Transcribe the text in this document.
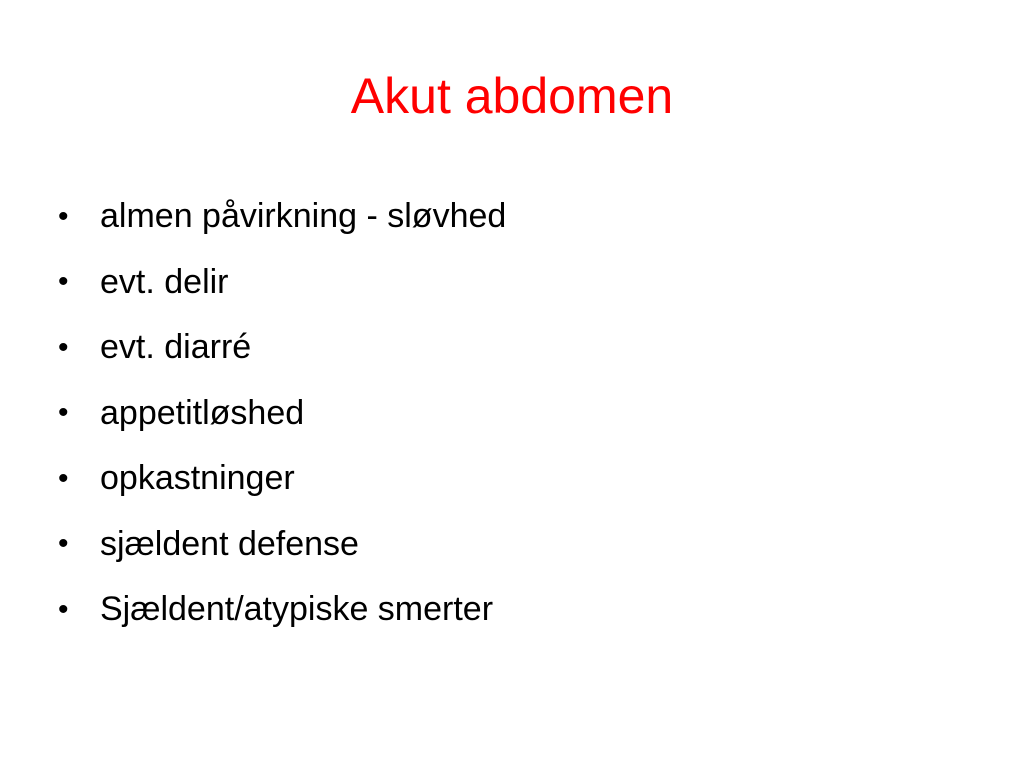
Akut abdomen
• almen påvirkning - sløvhed
• evt. delir
• evt. diarré
• appetitløshed
• opkastninger
• sjældent defense
• Sjældent/atypiske smerter
